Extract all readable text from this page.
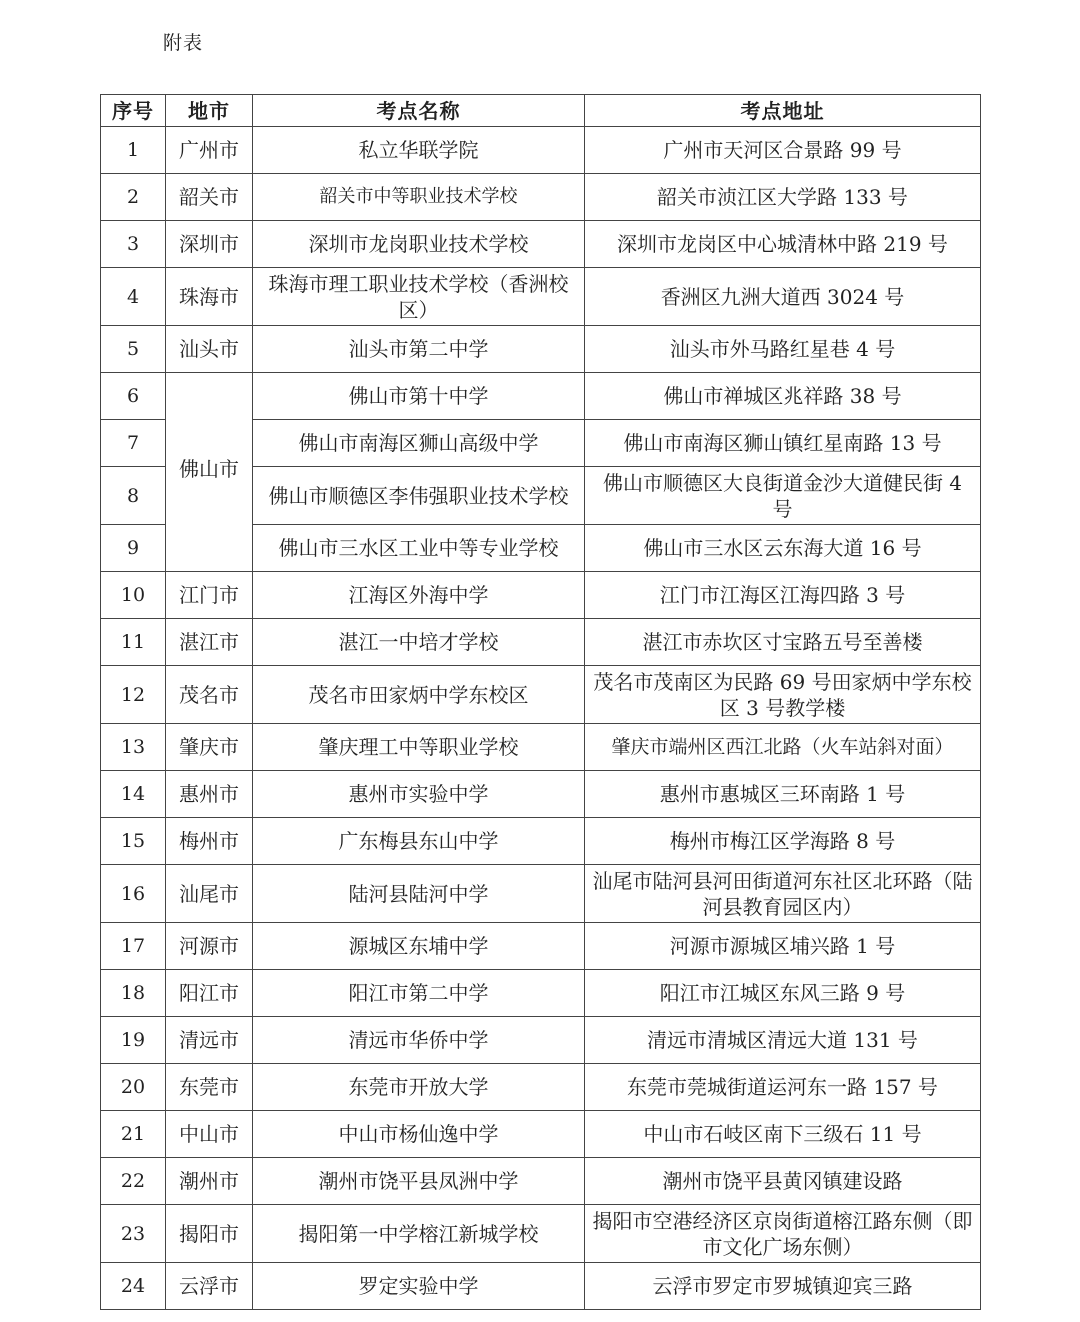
附表
序号	地市	考点名称	考点地址
1	广州市	私立华联学院	广州市天河区合景路 99 号
2	韶关市	韶关市中等职业技术学校	韶关市浈江区大学路 133 号
3	深圳市	深圳市龙岗职业技术学校	深圳市龙岗区中心城清林中路 219 号
4	珠海市	珠海市理工职业技术学校（香洲校区）	香洲区九洲大道西 3024 号
5	汕头市	汕头市第二中学	汕头市外马路红星巷 4 号
6	佛山市	佛山市第十中学	佛山市禅城区兆祥路 38 号
7		佛山市南海区狮山高级中学	佛山市南海区狮山镇红星南路 13 号
8		佛山市顺德区李伟强职业技术学校	佛山市顺德区大良街道金沙大道健民街 4 号
9		佛山市三水区工业中等专业学校	佛山市三水区云东海大道 16 号
10	江门市	江海区外海中学	江门市江海区江海四路 3 号
11	湛江市	湛江一中培才学校	湛江市赤坎区寸宝路五号至善楼
12	茂名市	茂名市田家炳中学东校区	茂名市茂南区为民路 69 号田家炳中学东校区 3 号教学楼
13	肇庆市	肇庆理工中等职业学校	肇庆市端州区西江北路（火车站斜对面）
14	惠州市	惠州市实验中学	惠州市惠城区三环南路 1 号
15	梅州市	广东梅县东山中学	梅州市梅江区学海路 8 号
16	汕尾市	陆河县陆河中学	汕尾市陆河县河田街道河东社区北环路（陆河县教育园区内）
17	河源市	源城区东埔中学	河源市源城区埔兴路 1 号
18	阳江市	阳江市第二中学	阳江市江城区东风三路 9 号
19	清远市	清远市华侨中学	清远市清城区清远大道 131 号
20	东莞市	东莞市开放大学	东莞市莞城街道运河东一路 157 号
21	中山市	中山市杨仙逸中学	中山市石岐区南下三级石 11 号
22	潮州市	潮州市饶平县凤洲中学	潮州市饶平县黄冈镇建设路
23	揭阳市	揭阳第一中学榕江新城学校	揭阳市空港经济区京岗街道榕江路东侧（即市文化广场东侧）
24	云浮市	罗定实验中学	云浮市罗定市罗城镇迎宾三路
